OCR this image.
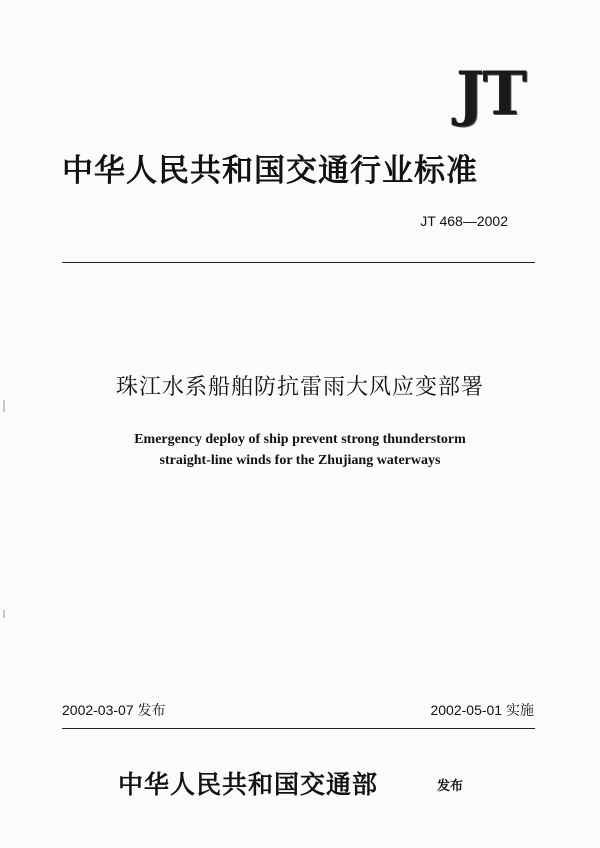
JT
中华人民共和国交通行业标准
JT 468—2002
珠江水系船舶防抗雷雨大风应变部署
Emergency deploy of ship prevent strong thunderstorm
straight-line winds for the Zhujiang waterways
2002-03-07 发布	2002-05-01 实施
中华人民共和国交通部	发布
